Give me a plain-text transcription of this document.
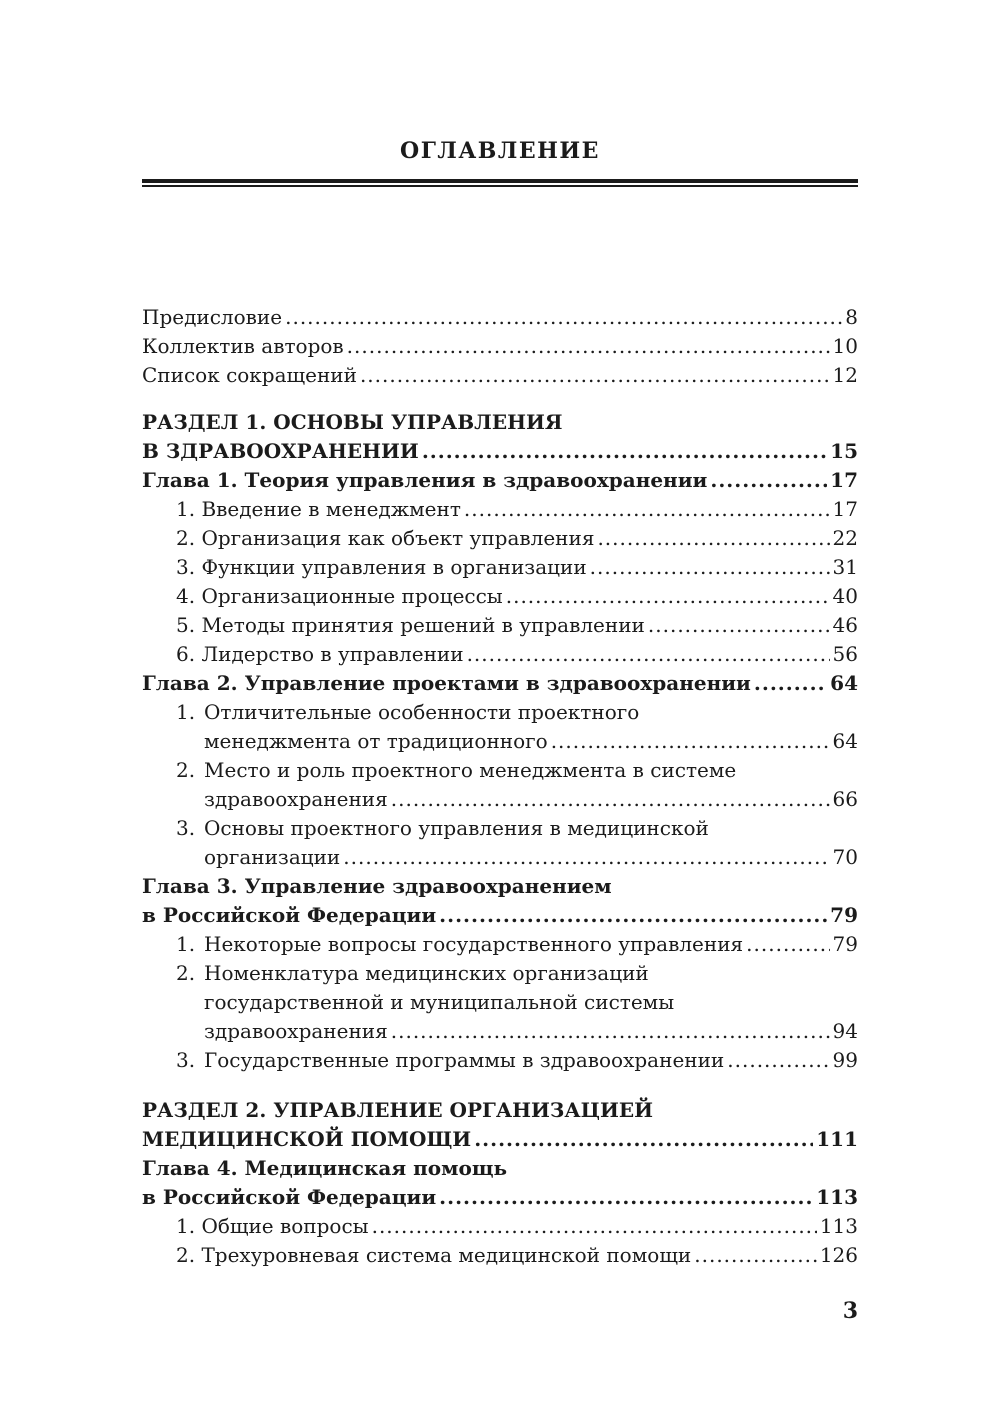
ОГЛАВЛЕНИЕ
Предисловие .....	8
Коллектив авторов .....	10
Список сокращений .....	12
РАЗДЕЛ 1. ОСНОВЫ УПРАВЛЕНИЯ
В ЗДРАВООХРАНЕНИИ .....	15
Глава 1. Теория управления в здравоохранении .....	17
1. Введение в менеджмент .....	17
2. Организация как объект управления .....	22
3. Функции управления в организации .....	31
4. Организационные процессы .....	40
5. Методы принятия решений в управлении .....	46
6. Лидерство в управлении .....	56
Глава 2. Управление проектами в здравоохранении .....	64
1. Отличительные особенности проектного
менеджмента от традиционного .....	64
2. Место и роль проектного менеджмента в системе
здравоохранения .....	66
3. Основы проектного управления в медицинской
организации .....	70
Глава 3. Управление здравоохранением
в Российской Федерации .....	79
1. Некоторые вопросы государственного управления .....	79
2. Номенклатура медицинских организаций
государственной и муниципальной системы
здравоохранения .....	94
3. Государственные программы в здравоохранении .....	99
РАЗДЕЛ 2. УПРАВЛЕНИЕ ОРГАНИЗАЦИЕЙ
МЕДИЦИНСКОЙ ПОМОЩИ .....	111
Глава 4. Медицинская помощь
в Российской Федерации .....	113
1. Общие вопросы .....	113
2. Трехуровневая система медицинской помощи .....	126
3
